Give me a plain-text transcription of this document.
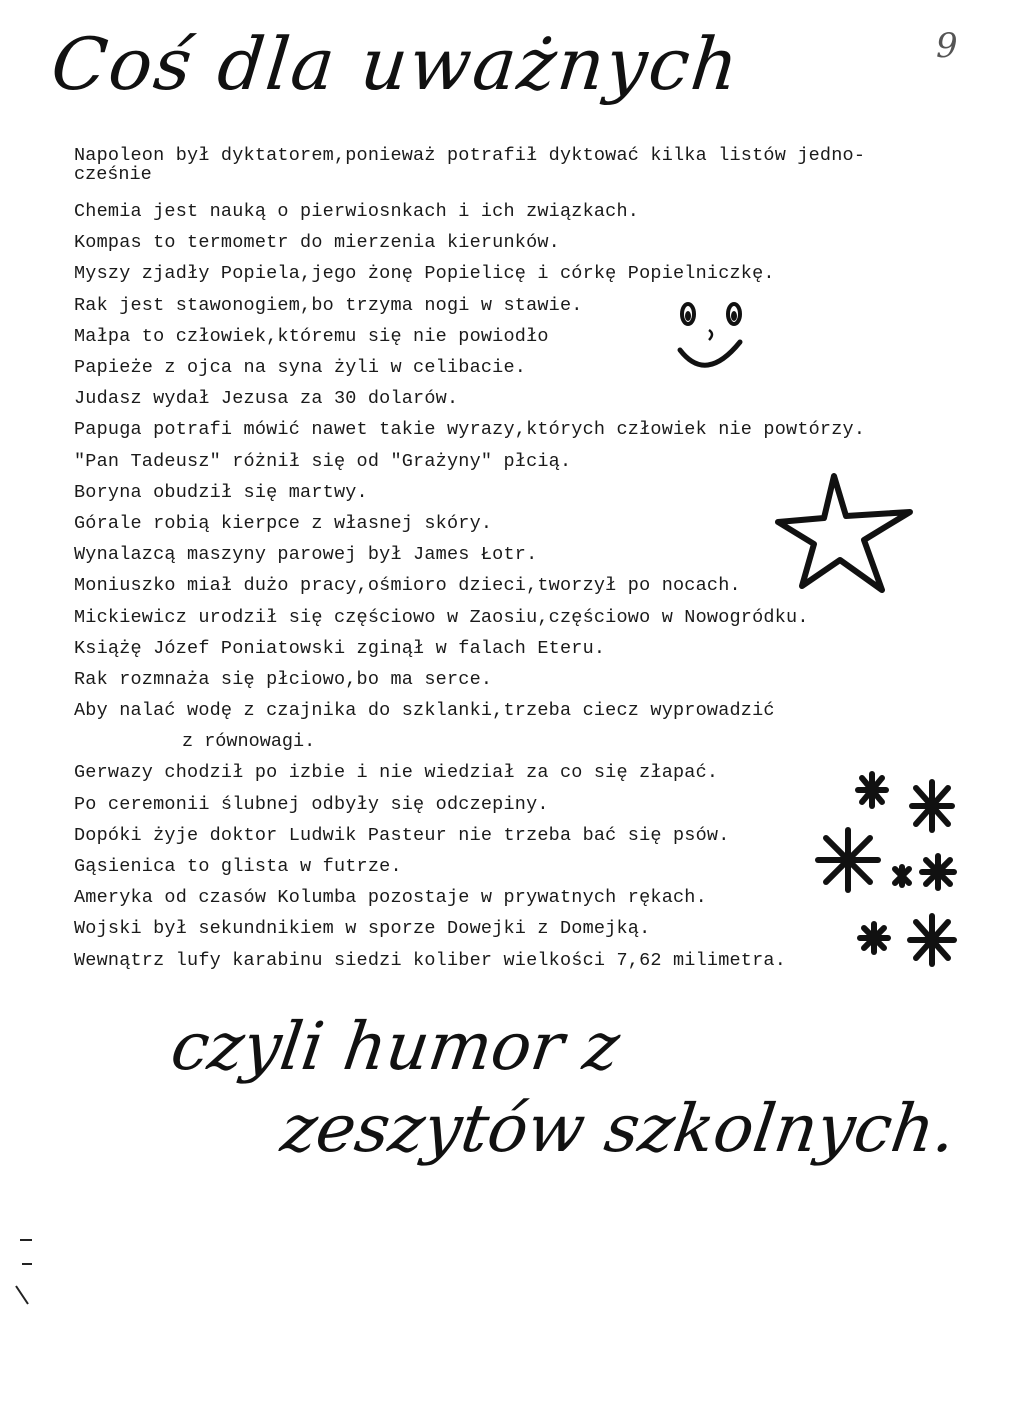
Coś dla uważnych	9
Napoleon był dyktatorem,ponieważ potrafił dyktować kilka listów jedno-
cześnie
Chemia jest nauką o pierwiosnkach i ich związkach.
Kompas to termometr do mierzenia kierunków.
Myszy zjadły Popiela,jego żonę Popielicę i córkę Popielniczkę.
Rak jest stawonogiem,bo trzyma nogi w stawie.
Małpa to człowiek,któremu się nie powiodło
Papieże z ojca na syna żyli w celibacie.
Judasz wydał Jezusa za 30 dolarów.
Papuga potrafi mówić nawet takie wyrazy,których człowiek nie powtórzy.
"Pan Tadeusz" różnił się od "Grażyny" płcią.
Boryna obudził się martwy.
Górale robią kierpce z własnej skóry.
Wynalazcą maszyny parowej był James Łotr.
Moniuszko miał dużo pracy,ośmioro dzieci,tworzył po nocach.
Mickiewicz urodził się częściowo w Zaosiu,częściowo w Nowogródku.
Książę Józef Poniatowski zginął w falach Eteru.
Rak rozmnaża się płciowo,bo ma serce.
Aby nalać wodę z czajnika do szklanki,trzeba ciecz wyprowadzić
z równowagi.
Gerwazy chodził po izbie i nie wiedział za co się złapać.
Po ceremonii ślubnej odbyły się odczepiny.
Dopóki żyje doktor Ludwik Pasteur nie trzeba bać się psów.
Gąsienica to glista w futrze.
Ameryka od czasów Kolumba pozostaje w prywatnych rękach.
Wojski był sekundnikiem w sporze Dowejki z Domejką.
Wewnątrz lufy karabinu siedzi koliber wielkości 7,62 milimetra.
czyli humor z
zeszytów szkolnych.
